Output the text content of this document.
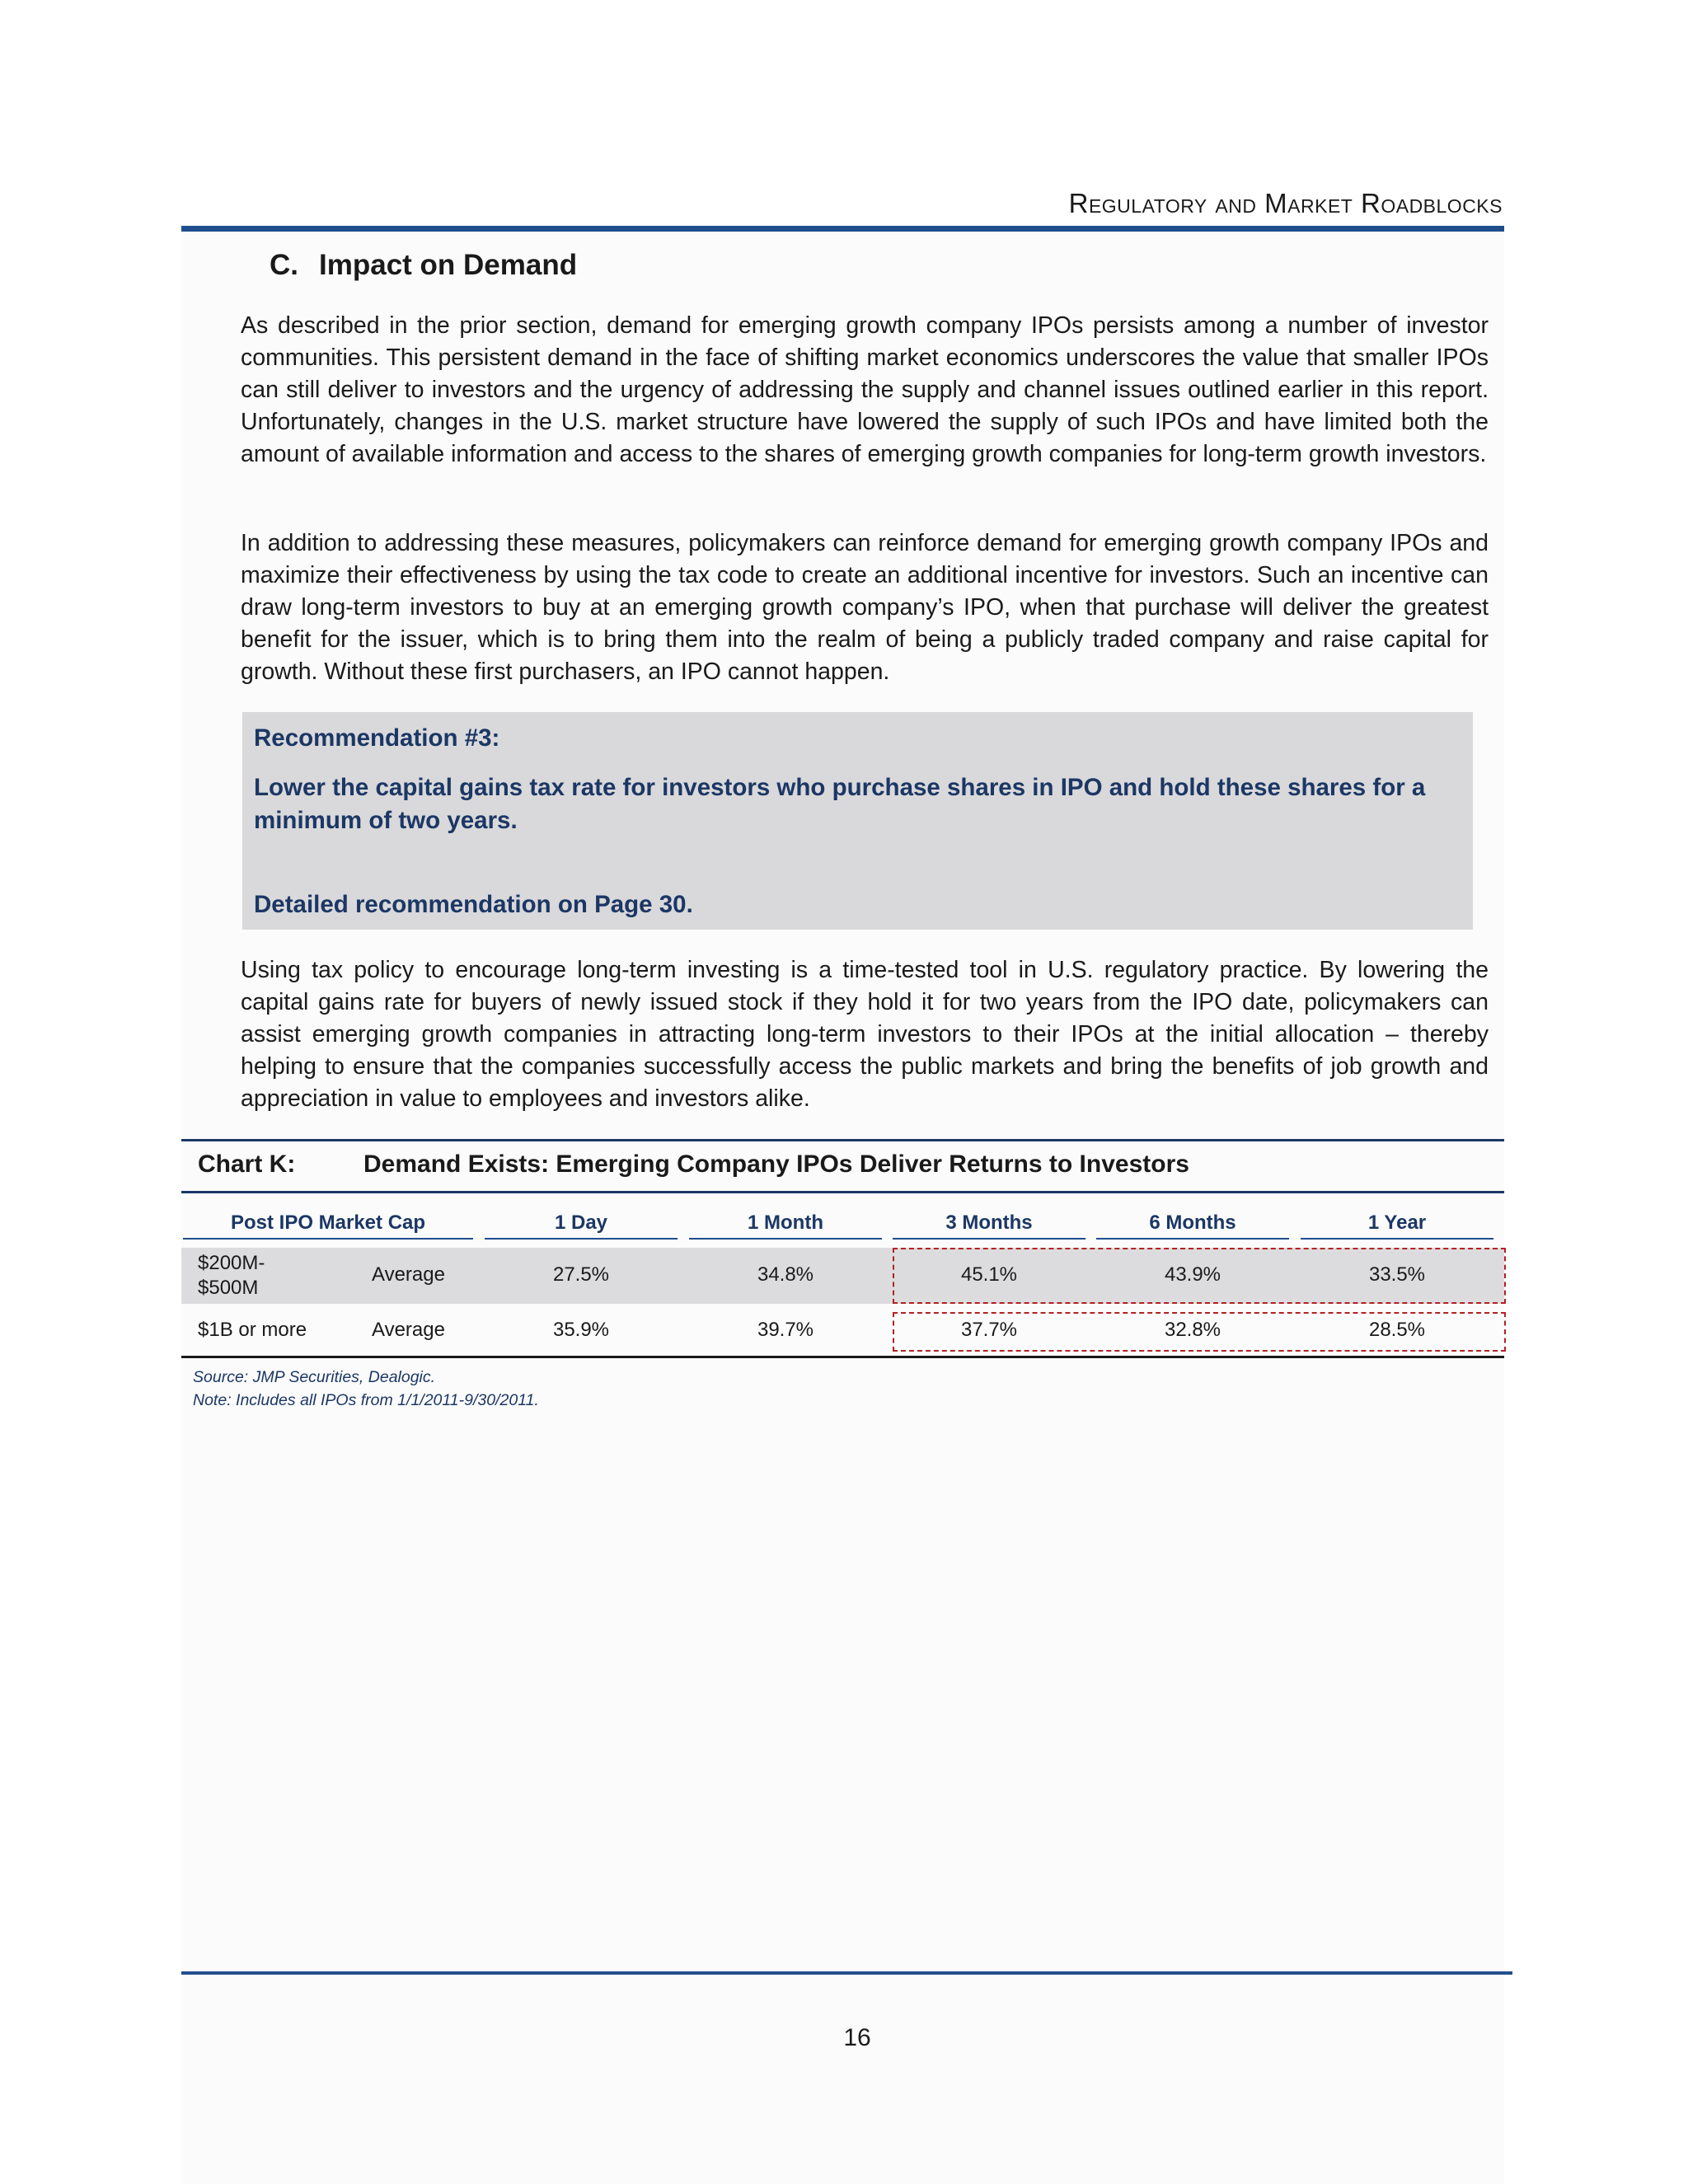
Regulatory and Market Roadblocks
C. Impact on Demand
As described in the prior section, demand for emerging growth company IPOs persists among a number of investor communities. This persistent demand in the face of shifting market economics underscores the value that smaller IPOs can still deliver to investors and the urgency of addressing the supply and channel issues outlined earlier in this report. Unfortunately, changes in the U.S. market structure have lowered the supply of such IPOs and have limited both the amount of available information and access to the shares of emerging growth companies for long-term growth investors.
In addition to addressing these measures, policymakers can reinforce demand for emerging growth company IPOs and maximize their effectiveness by using the tax code to create an additional incentive for investors. Such an incentive can draw long-term investors to buy at an emerging growth company’s IPO, when that purchase will deliver the greatest benefit for the issuer, which is to bring them into the realm of being a publicly traded company and raise capital for growth. Without these first purchasers, an IPO cannot happen.
Recommendation #3:
Lower the capital gains tax rate for investors who purchase shares in IPO and hold these shares for a minimum of two years.
Detailed recommendation on Page 30.
Using tax policy to encourage long-term investing is a time-tested tool in U.S. regulatory practice. By lowering the capital gains rate for buyers of newly issued stock if they hold it for two years from the IPO date, policymakers can assist emerging growth companies in attracting long-term investors to their IPOs at the initial allocation – thereby helping to ensure that the companies successfully access the public markets and bring the benefits of job growth and appreciation in value to employees and investors alike.
Chart K:	Demand Exists: Emerging Company IPOs Deliver Returns to Investors
Post IPO Market Cap	1 Day	1 Month	3 Months	6 Months	1 Year
$200M-
$500M
Average	27.5%	34.8%	45.1%	43.9%	33.5%
$1B or more	Average	35.9%	39.7%	37.7%	32.8%	28.5%
Source: JMP Securities, Dealogic.
Note: Includes all IPOs from 1/1/2011-9/30/2011.
16
